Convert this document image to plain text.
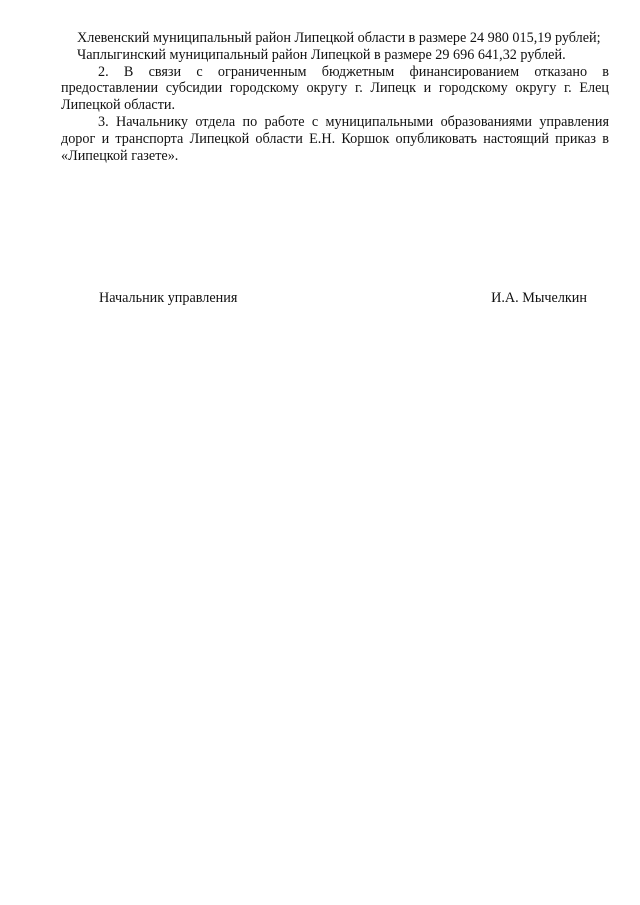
Хлевенский муниципальный район Липецкой области в размере 24 980 015,19 рублей;

Чаплыгинский муниципальный район Липецкой в размере 29 696 641,32 рублей.

2. В связи с ограниченным бюджетным финансированием отказано в предоставлении субсидии городскому округу г. Липецк и городскому округу г. Елец Липецкой области.

3. Начальнику отдела по работе с муниципальными образованиями управления дорог и транспорта Липецкой области Е.Н. Коршок опубликовать настоящий приказ в «Липецкой газете».

Начальник управления	И.А. Мычелкин
